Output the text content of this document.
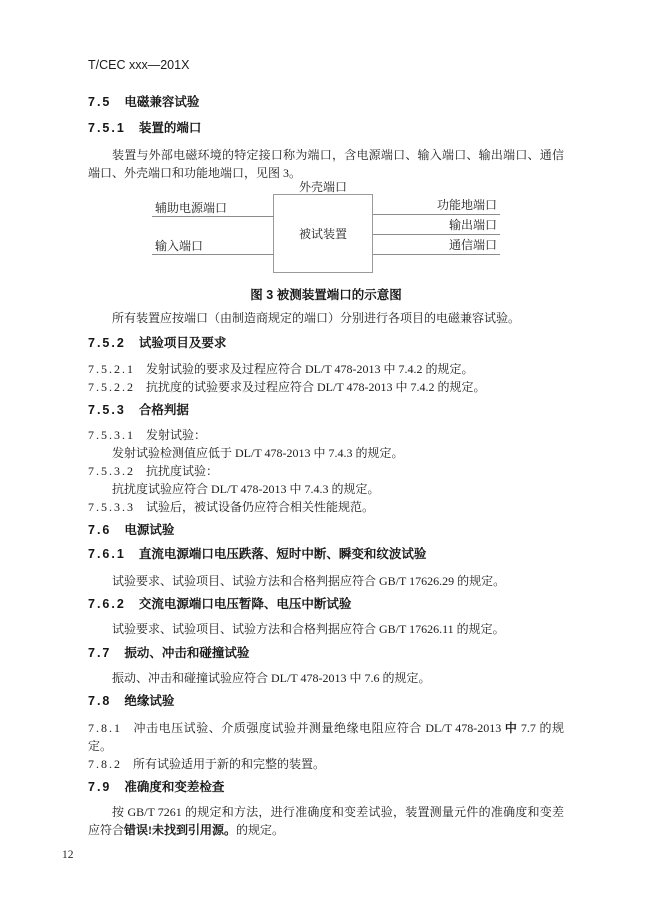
T/CEC xxx—201X
7.5 电磁兼容试验
7.5.1 装置的端口
装置与外部电磁环境的特定接口称为端口，含电源端口、输入端口、输出端口、通信端口、外壳端口和功能地端口，见图 3。
外壳端口
被试装置
辅助电源端口
输入端口
功能地端口
输出端口
通信端口
图 3 被测装置端口的示意图
所有装置应按端口（由制造商规定的端口）分别进行各项目的电磁兼容试验。
7.5.2 试验项目及要求
7.5.2.1 发射试验的要求及过程应符合 DL/T 478-2013 中 7.4.2 的规定。
7.5.2.2 抗扰度的试验要求及过程应符合 DL/T 478-2013 中 7.4.2 的规定。
7.5.3 合格判据
7.5.3.1 发射试验：
发射试验检测值应低于 DL/T 478-2013 中 7.4.3 的规定。
7.5.3.2 抗扰度试验：
抗扰度试验应符合 DL/T 478-2013 中 7.4.3 的规定。
7.5.3.3 试验后，被试设备仍应符合相关性能规范。
7.6 电源试验
7.6.1 直流电源端口电压跌落、短时中断、瞬变和纹波试验
试验要求、试验项目、试验方法和合格判据应符合 GB/T 17626.29 的规定。
7.6.2 交流电源端口电压暂降、电压中断试验
试验要求、试验项目、试验方法和合格判据应符合 GB/T 17626.11 的规定。
7.7 振动、冲击和碰撞试验
振动、冲击和碰撞试验应符合 DL/T 478-2013 中 7.6 的规定。
7.8 绝缘试验
7.8.1 冲击电压试验、介质强度试验并测量绝缘电阻应符合 DL/T 478-2013 中 7.7 的规定。
7.8.2 所有试验适用于新的和完整的装置。
7.9 准确度和变差检查
按 GB/T 7261 的规定和方法，进行准确度和变差试验，装置测量元件的准确度和变差应符合错误!未找到引用源。的规定。
12
